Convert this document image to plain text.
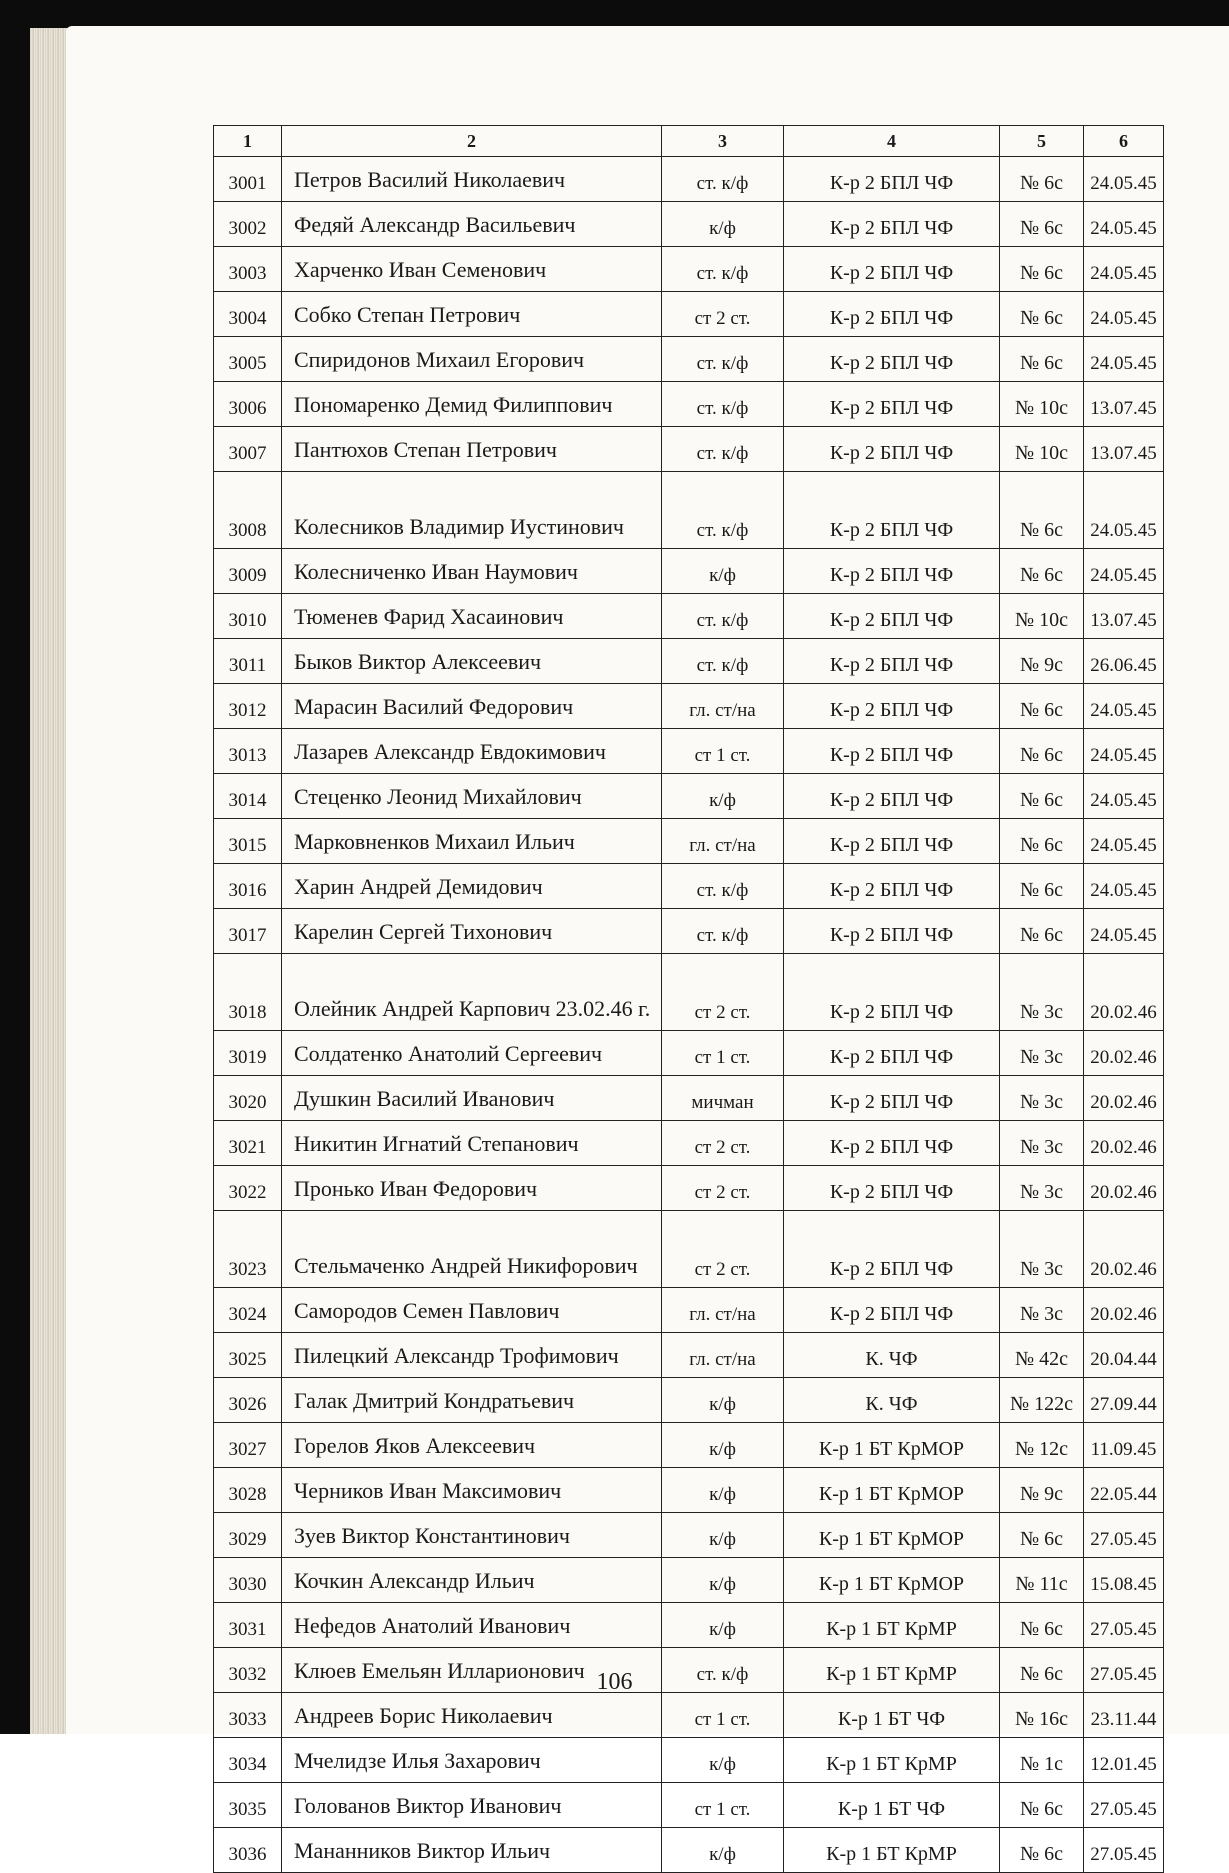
1	2	3	4	5	6
3001	Петров Василий Николаевич	ст. к/ф	К-р 2 БПЛ ЧФ	№ 6с	24.05.45
3002	Федяй Александр Васильевич	к/ф	К-р 2 БПЛ ЧФ	№ 6с	24.05.45
3003	Харченко Иван Семенович	ст. к/ф	К-р 2 БПЛ ЧФ	№ 6с	24.05.45
3004	Собко Степан Петрович	ст 2 ст.	К-р 2 БПЛ ЧФ	№ 6с	24.05.45
3005	Спиридонов Михаил Егорович	ст. к/ф	К-р 2 БПЛ ЧФ	№ 6с	24.05.45
3006	Пономаренко Демид Филиппович	ст. к/ф	К-р 2 БПЛ ЧФ	№ 10с	13.07.45
3007	Пантюхов Степан Петрович	ст. к/ф	К-р 2 БПЛ ЧФ	№ 10с	13.07.45
3008	Колесников Владимир Иустинович	ст. к/ф	К-р 2 БПЛ ЧФ	№ 6с	24.05.45
3009	Колесниченко Иван Наумович	к/ф	К-р 2 БПЛ ЧФ	№ 6с	24.05.45
3010	Тюменев Фарид Хасаинович	ст. к/ф	К-р 2 БПЛ ЧФ	№ 10с	13.07.45
3011	Быков Виктор Алексеевич	ст. к/ф	К-р 2 БПЛ ЧФ	№ 9с	26.06.45
3012	Марасин Василий Федорович	гл. ст/на	К-р 2 БПЛ ЧФ	№ 6с	24.05.45
3013	Лазарев Александр Евдокимович	ст 1 ст.	К-р 2 БПЛ ЧФ	№ 6с	24.05.45
3014	Стеценко Леонид Михайлович	к/ф	К-р 2 БПЛ ЧФ	№ 6с	24.05.45
3015	Марковненков Михаил Ильич	гл. ст/на	К-р 2 БПЛ ЧФ	№ 6с	24.05.45
3016	Харин Андрей Демидович	ст. к/ф	К-р 2 БПЛ ЧФ	№ 6с	24.05.45
3017	Карелин Сергей Тихонович	ст. к/ф	К-р 2 БПЛ ЧФ	№ 6с	24.05.45
3018	Олейник Андрей Карпович 23.02.46 г.	ст 2 ст.	К-р 2 БПЛ ЧФ	№ 3с	20.02.46
3019	Солдатенко Анатолий Сергеевич	ст 1 ст.	К-р 2 БПЛ ЧФ	№ 3с	20.02.46
3020	Душкин Василий Иванович	мичман	К-р 2 БПЛ ЧФ	№ 3с	20.02.46
3021	Никитин Игнатий Степанович	ст 2 ст.	К-р 2 БПЛ ЧФ	№ 3с	20.02.46
3022	Пронько Иван Федорович	ст 2 ст.	К-р 2 БПЛ ЧФ	№ 3с	20.02.46
3023	Стельмаченко Андрей Никифорович	ст 2 ст.	К-р 2 БПЛ ЧФ	№ 3с	20.02.46
3024	Самородов Семен Павлович	гл. ст/на	К-р 2 БПЛ ЧФ	№ 3с	20.02.46
3025	Пилецкий Александр Трофимович	гл. ст/на	К. ЧФ	№ 42с	20.04.44
3026	Галак Дмитрий Кондратьевич	к/ф	К. ЧФ	№ 122с	27.09.44
3027	Горелов Яков Алексеевич	к/ф	К-р 1 БТ КрМОР	№ 12с	11.09.45
3028	Черников Иван Максимович	к/ф	К-р 1 БТ КрМОР	№ 9с	22.05.44
3029	Зуев Виктор Константинович	к/ф	К-р 1 БТ КрМОР	№ 6с	27.05.45
3030	Кочкин Александр Ильич	к/ф	К-р 1 БТ КрМОР	№ 11с	15.08.45
3031	Нефедов Анатолий Иванович	к/ф	К-р 1 БТ КрМР	№ 6с	27.05.45
3032	Клюев Емельян Илларионович	ст. к/ф	К-р 1 БТ КрМР	№ 6с	27.05.45
3033	Андреев Борис Николаевич	ст 1 ст.	К-р 1 БТ ЧФ	№ 16с	23.11.44
3034	Мчелидзе Илья Захарович	к/ф	К-р 1 БТ КрМР	№ 1с	12.01.45
3035	Голованов Виктор Иванович	ст 1 ст.	К-р 1 БТ ЧФ	№ 6с	27.05.45
3036	Мананников Виктор Ильич	к/ф	К-р 1 БТ КрМР	№ 6с	27.05.45
106
